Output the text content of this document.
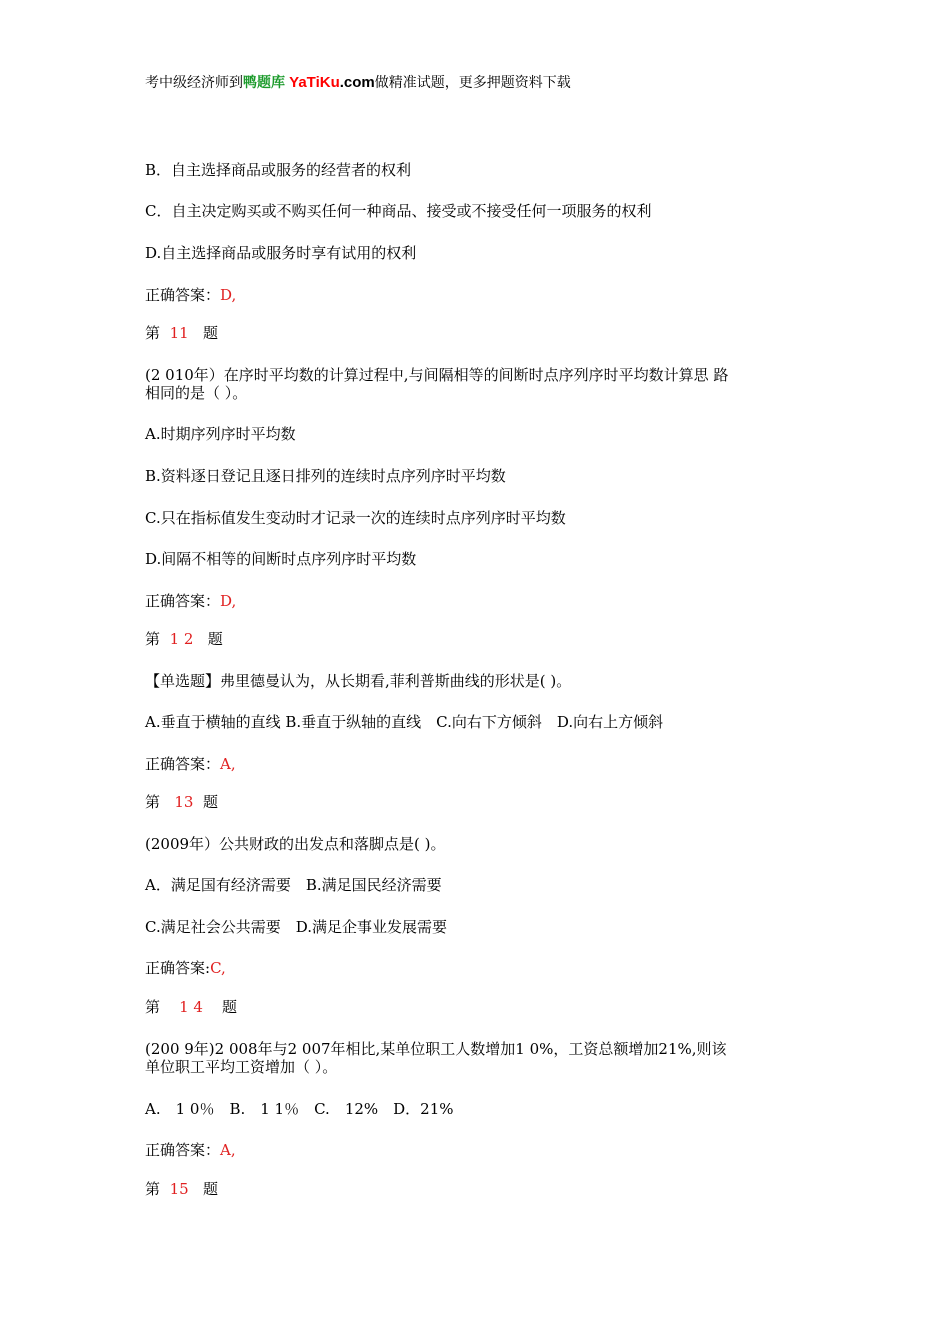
考中级经济师到鸭题库 YaTiKu.com做精准试题，更多押题资料下载
B．自主选择商品或服务的经营者的权利
C．自主决定购买或不购买任何一种商品、接受或不接受任何一项服务的权利
D.自主选择商品或服务时享有试用的权利
正确答案：D,
第 11 题
(2 010年）在序时平均数的计算过程中,与间隔相等的间断时点序列序时平均数计算思 路
相同的是（ ）。
A.时期序列序时平均数
B.资料逐日登记且逐日排列的连续时点序列序时平均数
C.只在指标值发生变动时才记录一次的连续时点序列序时平均数
D.间隔不相等的间断时点序列序时平均数
正确答案：D,
第 1 2 题
【单选题】弗里德曼认为，从长期看,菲利普斯曲线的形状是( )。
A.垂直于横轴的直线 B.垂直于纵轴的直线　C.向右下方倾斜　D.向右上方倾斜
正确答案：A,
第 13 题
(2009年）公共财政的出发点和落脚点是( )。
A．满足国有经济需要　B.满足国民经济需要
C.满足社会公共需要　D.满足企事业发展需要
正确答案:C,
第 1 4 题
(200 9年)2 008年与2 007年相比,某单位职工人数增加1 0%，工资总额增加21%,则该
单位职工平均工资增加（ ）。
A.　1 0％　B.　1 1％　C.　12%　D．21%
正确答案：A,
第 15 题
